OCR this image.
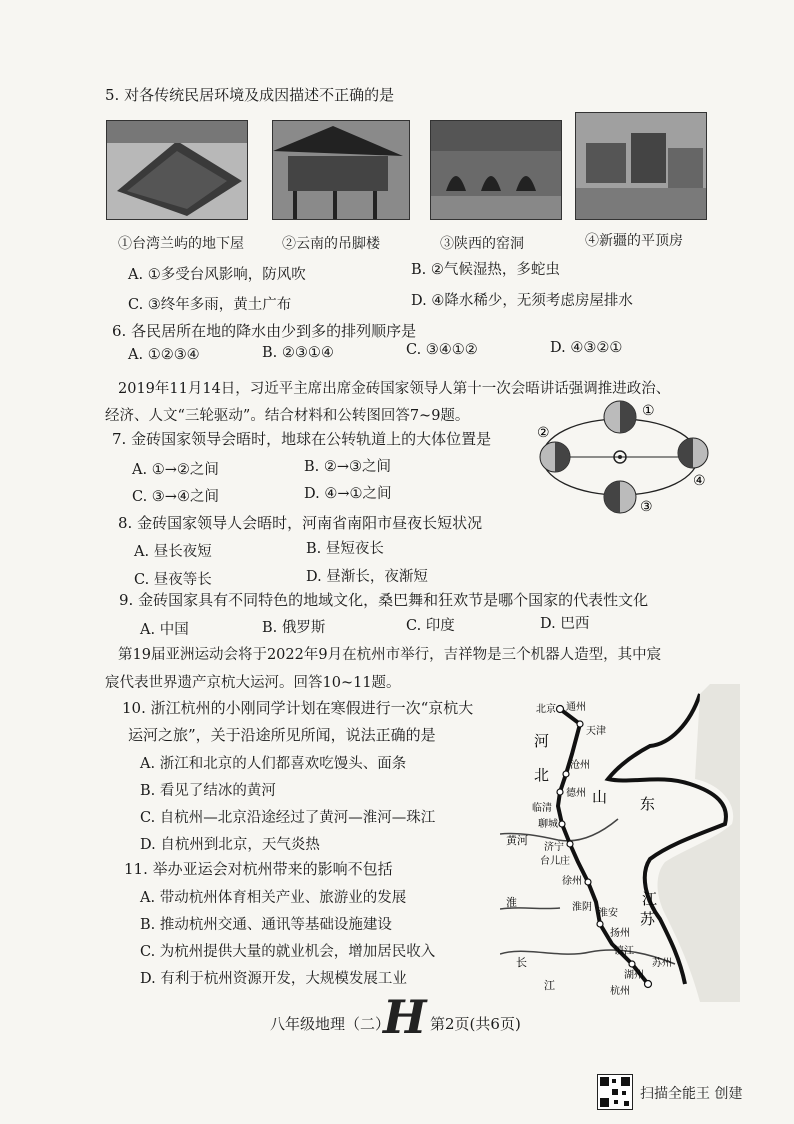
5. 对各传统民居环境及成因描述不正确的是
①台湾兰屿的地下屋	②云南的吊脚楼	③陕西的窑洞	④新疆的平顶房
A. ①多受台风影响，防风吹	B. ②气候湿热，多蛇虫
C. ③终年多雨，黄土广布	D. ④降水稀少，无须考虑房屋排水
6. 各民居所在地的降水由少到多的排列顺序是
A. ①②③④	B. ②③①④	C. ③④①②	D. ④③②①
2019年11月14日，习近平主席出席金砖国家领导人第十一次会晤讲话强调推进政治、
经济、人文“三轮驱动”。结合材料和公转图回答7~9题。
7. 金砖国家领导会晤时，地球在公转轨道上的大体位置是
A. ①→②之间	B. ②→③之间
C. ③→④之间	D. ④→①之间
①
②
③
④
8. 金砖国家领导人会晤时，河南省南阳市昼夜长短状况
A. 昼长夜短	B. 昼短夜长
C. 昼夜等长	D. 昼渐长，夜渐短
9. 金砖国家具有不同特色的地域文化，桑巴舞和狂欢节是哪个国家的代表性文化
A. 中国	B. 俄罗斯	C. 印度	D. 巴西
第19届亚洲运动会将于2022年9月在杭州市举行，吉祥物是三个机器人造型，其中宸
宸代表世界遗产京杭大运河。回答10~11题。
10. 浙江杭州的小刚同学计划在寒假进行一次“京杭大
运河之旅”，关于沿途所见所闻，说法正确的是
A. 浙江和北京的人们都喜欢吃馒头、面条
B. 看见了结冰的黄河
C. 自杭州—北京沿途经过了黄河—淮河—珠江
D. 自杭州到北京，天气炎热
11. 举办亚运会对杭州带来的影响不包括
A. 带动杭州体育相关产业、旅游业的发展
B. 推动杭州交通、通讯等基础设施建设
C. 为杭州提供大量的就业机会，增加居民收入
D. 有利于杭州资源开发，大规模发展工业
北京 通州
天津
沧州
德州
临清
聊城
济宁
台儿庄
徐州
淮安
淮阴
扬州
镇江
苏州
湖州
杭州
河
北
山 东
江
苏
黄河
淮
长
江
八年级地理（二）
H 第2页(共6页)
扫描全能王 创建
